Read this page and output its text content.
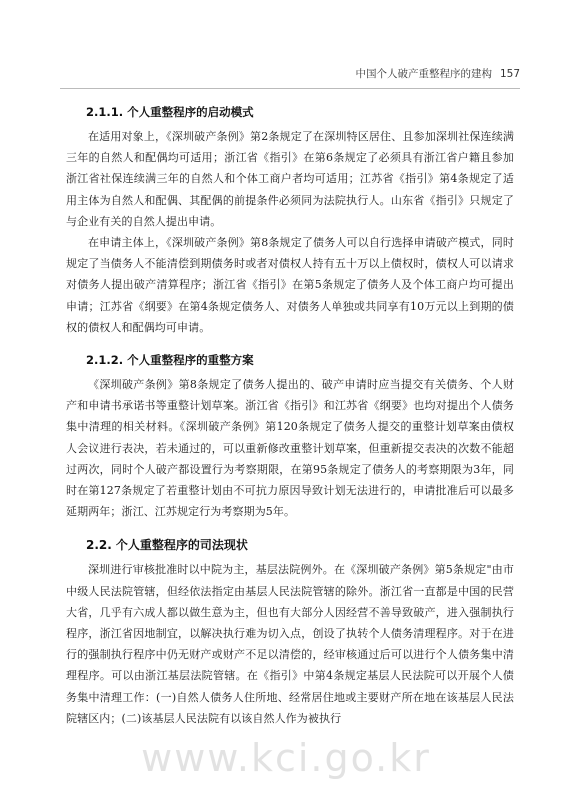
中国个人破产重整程序的建构 157
2.1.1. 个人重整程序的启动模式

在适用对象上，《深圳破产条例》第2条规定了在深圳特区居住、且参加深圳社保连续满三年的自然人和配偶均可适用；浙江省《指引》在第6条规定了必须具有浙江省户籍且参加浙江省社保连续满三年的自然人和个体工商户者均可适用；江苏省《指引》第4条规定了适用主体为自然人和配偶、其配偶的前提条件必须同为法院执行人。山东省《指引》只规定了与企业有关的自然人提出申请。

在申请主体上，《深圳破产条例》第8条规定了债务人可以自行选择申请破产模式，同时规定了当债务人不能清偿到期债务时或者对债权人持有五十万以上债权时，债权人可以请求对债务人提出破产清算程序；浙江省《指引》在第5条规定了债务人及个体工商户均可提出申请；江苏省《纲要》在第4条规定债务人、对债务人单独或共同享有10万元以上到期的债权的债权人和配偶均可申请。

2.1.2. 个人重整程序的重整方案

《深圳破产条例》第8条规定了债务人提出的、破产申请时应当提交有关债务、个人财产和申请书承诺书等重整计划草案。浙江省《指引》和江苏省《纲要》也均对提出个人债务集中清理的相关材料。《深圳破产条例》第120条规定了债务人提交的重整计划草案由债权人会议进行表决，若未通过的，可以重新修改重整计划草案，但重新提交表决的次数不能超过两次，同时个人破产都设置行为考察期限，在第95条规定了债务人的考察期限为3年，同时在第127条规定了若重整计划由不可抗力原因导致计划无法进行的，申请批准后可以最多延期两年；浙江、江苏规定行为考察期为5年。

2.2. 个人重整程序的司法现状

深圳进行审核批准时以中院为主，基层法院例外。在《深圳破产条例》第5条规定"由市中级人民法院管辖，但经依法指定由基层人民法院管辖的除外。浙江省一直都是中国的民营大省，几乎有六成人都以做生意为主，但也有大部分人因经营不善导致破产，进入强制执行程序，浙江省因地制宜，以解决执行难为切入点，创设了执转个人债务清理程序。对于在进行的强制执行程序中仍无财产或财产不足以清偿的，经审核通过后可以进行个人债务集中清理程序。可以由浙江基层法院管辖。在《指引》中第4条规定基层人民法院可以开展个人债务集中清理工作：(一)自然人债务人住所地、经常居住地或主要财产所在地在该基层人民法院辖区内；(二)该基层人民法院有以该自然人作为被执行

www.kci.go.kr
